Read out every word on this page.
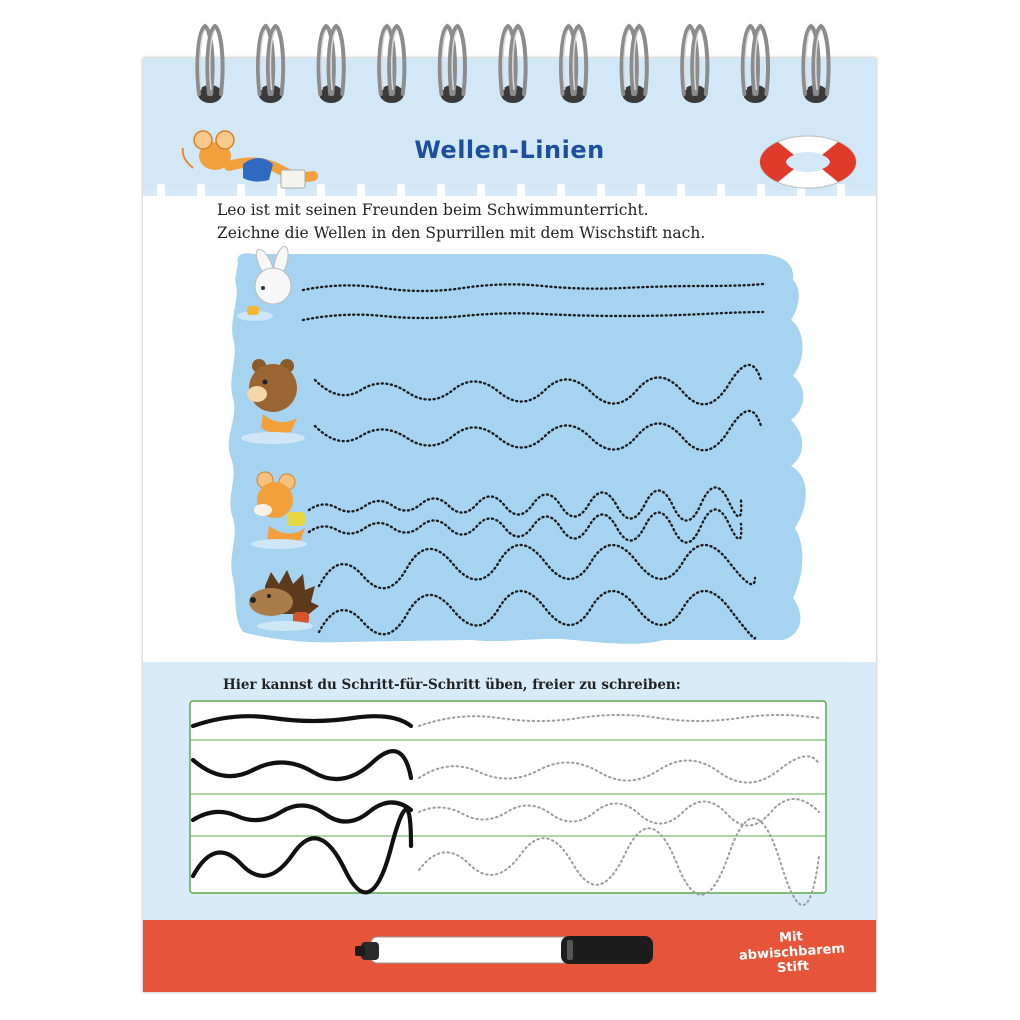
Wellen-Linien
Leo ist mit seinen Freunden beim Schwimmunterricht.
Zeichne die Wellen in den Spurrillen mit dem Wischstift nach.
Hier kannst du Schritt-für-Schritt üben, freier zu schreiben:
Mit
abwischbarem
Stift
